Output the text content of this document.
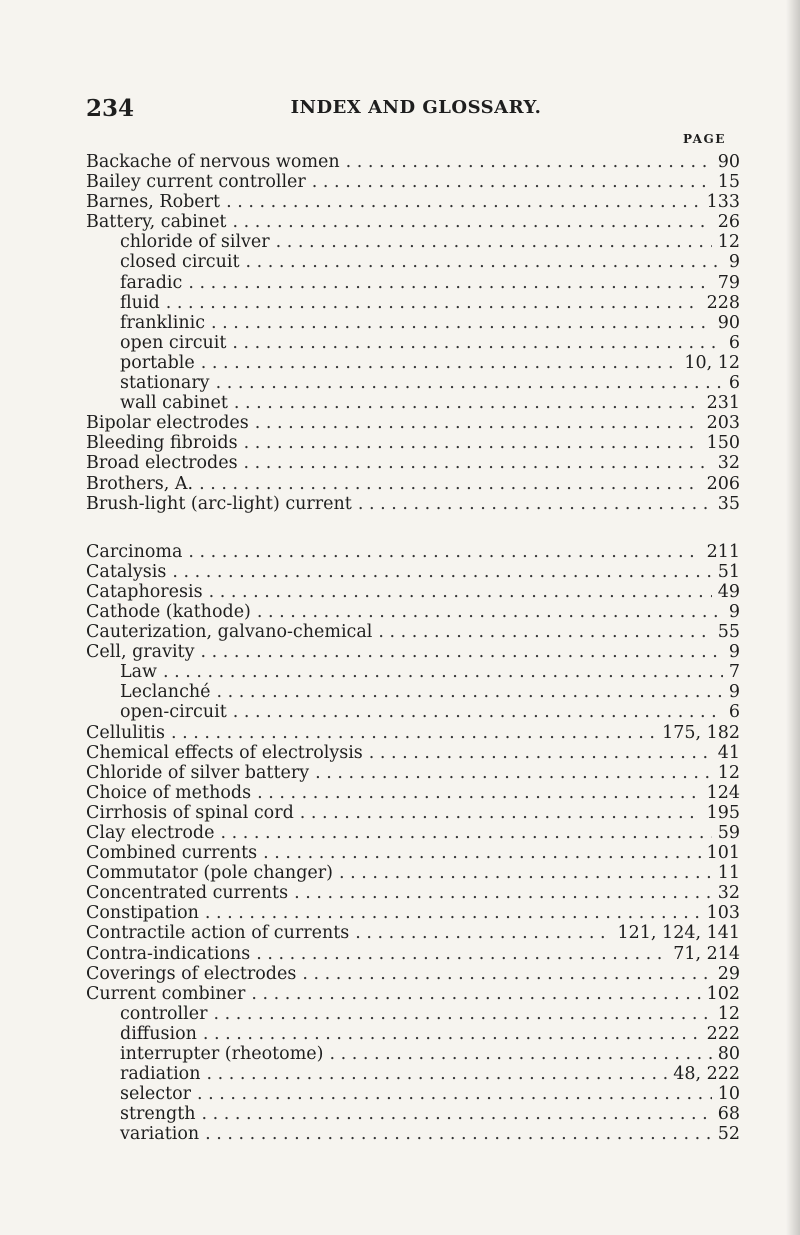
234	INDEX AND GLOSSARY.
PAGE
Backache of nervous women . . .	90
Bailey current controller . . .	15
Barnes, Robert . . .	133
Battery, cabinet . . .	26
chloride of silver . . .	12
closed circuit . . .	9
faradic . . .	79
fluid . . .	228
franklinic . . .	90
open circuit . . .	6
portable . . .	10, 12
stationary . . .	6
wall cabinet . . .	231
Bipolar electrodes . . .	203
Bleeding fibroids . . .	150
Broad electrodes . . .	32
Brothers, A. . . .	206
Brush-light (arc-light) current . . .	35
Carcinoma . . .	211
Catalysis . . .	51
Cataphoresis . . .	49
Cathode (kathode) . . .	9
Cauterization, galvano-chemical . . .	55
Cell, gravity . . .	9
Law . . .	7
Leclanché . . .	9
open-circuit . . .	6
Cellulitis . . .	175, 182
Chemical effects of electrolysis . . .	41
Chloride of silver battery . . .	12
Choice of methods . . .	124
Cirrhosis of spinal cord . . .	195
Clay electrode . . .	59
Combined currents . . .	101
Commutator (pole changer) . . .	11
Concentrated currents . . .	32
Constipation . . .	103
Contractile action of currents . . .	121, 124, 141
Contra-indications . . .	71, 214
Coverings of electrodes . . .	29
Current combiner . . .	102
controller . . .	12
diffusion . . .	222
interrupter (rheotome) . . .	80
radiation . . .	48, 222
selector . . .	10
strength . . .	68
variation . . .	52
